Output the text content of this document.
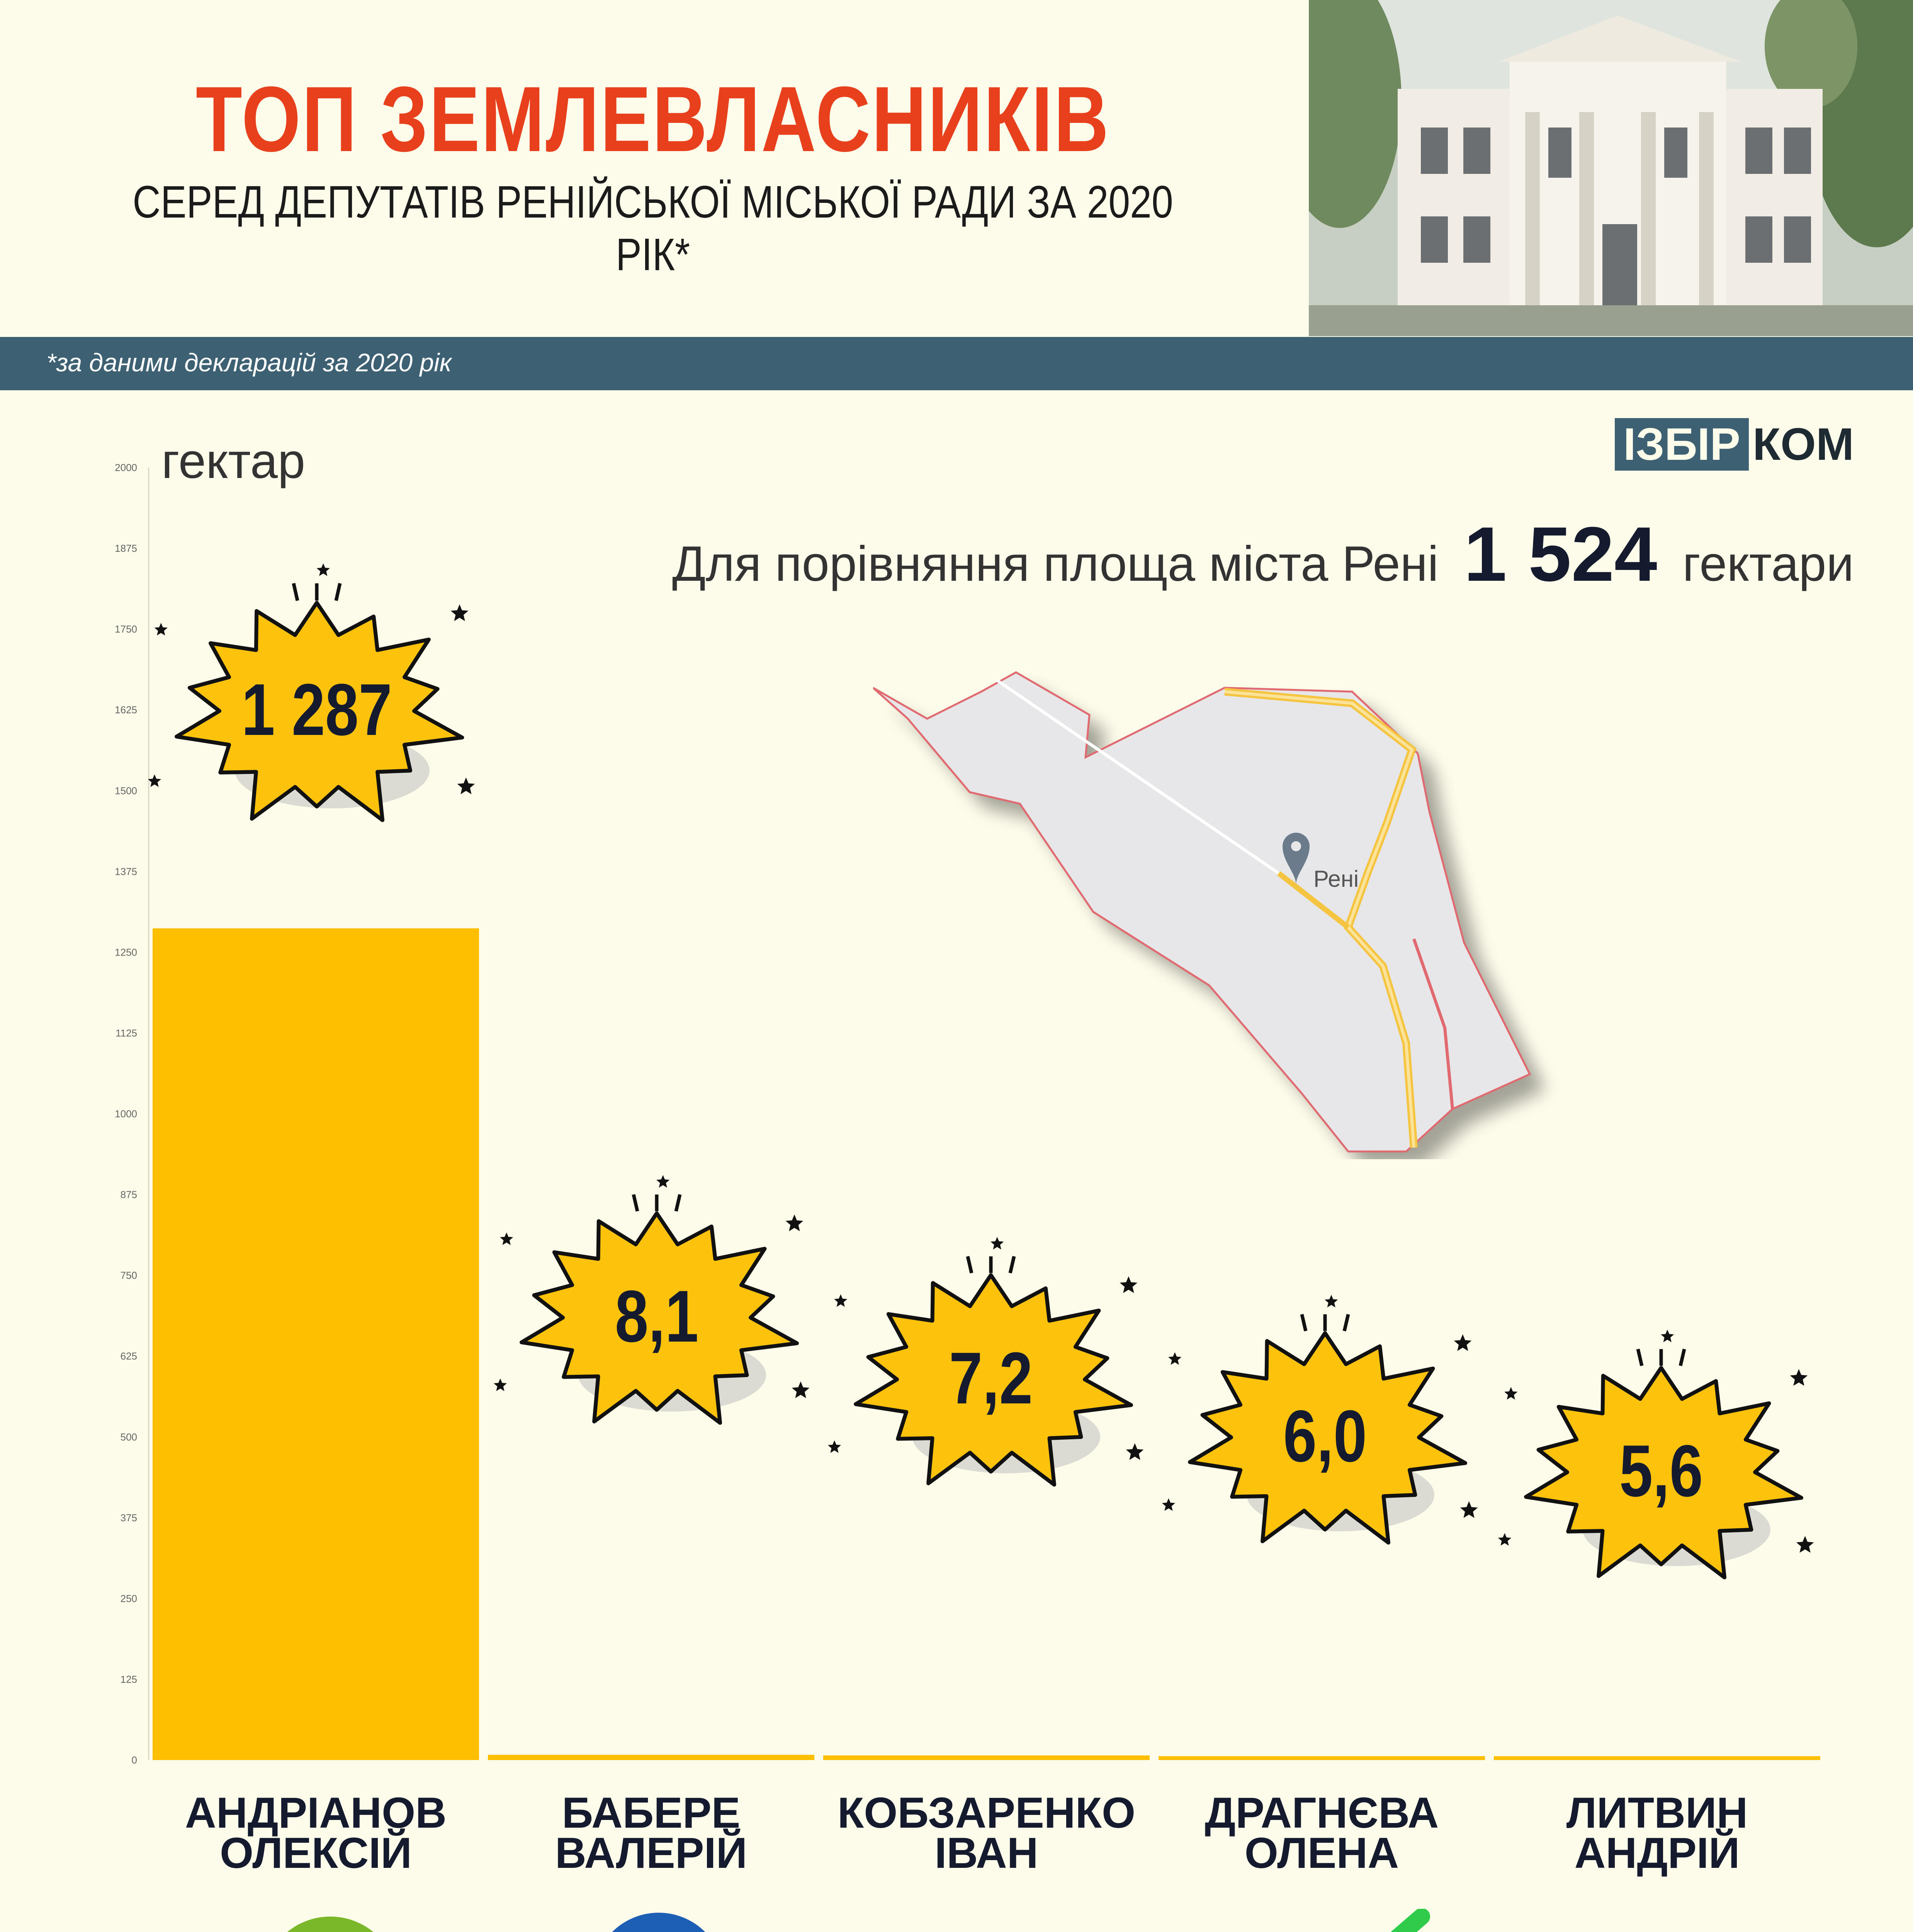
ТОП ЗЕМЛЕВЛАСНИКІВ
СЕРЕД ДЕПУТАТІВ РЕНІЙСЬКОЇ МІСЬКОЇ РАДИ ЗА 2020 РІК*
*за даними декларацій за 2020 рік
ІЗБІР КОМ
гектар
Для порівняння площа міста Рені 1 524 гектари
Рені
0
125
250
375
500
625
750
875
1000
1125
1250
1375
1500
1625
1750
1875
2000
1 287
8,1
7,2
6,0	5,6
АНДРІАНОВ
ОЛЕКСІЙ
БАБЕРЕ ВАЛЕРІЙ
КОБЗАРЕНКО
ІВАН
ДРАГНЄВА
ОЛЕНА
ЛИТВИН
АНДРІЙ
